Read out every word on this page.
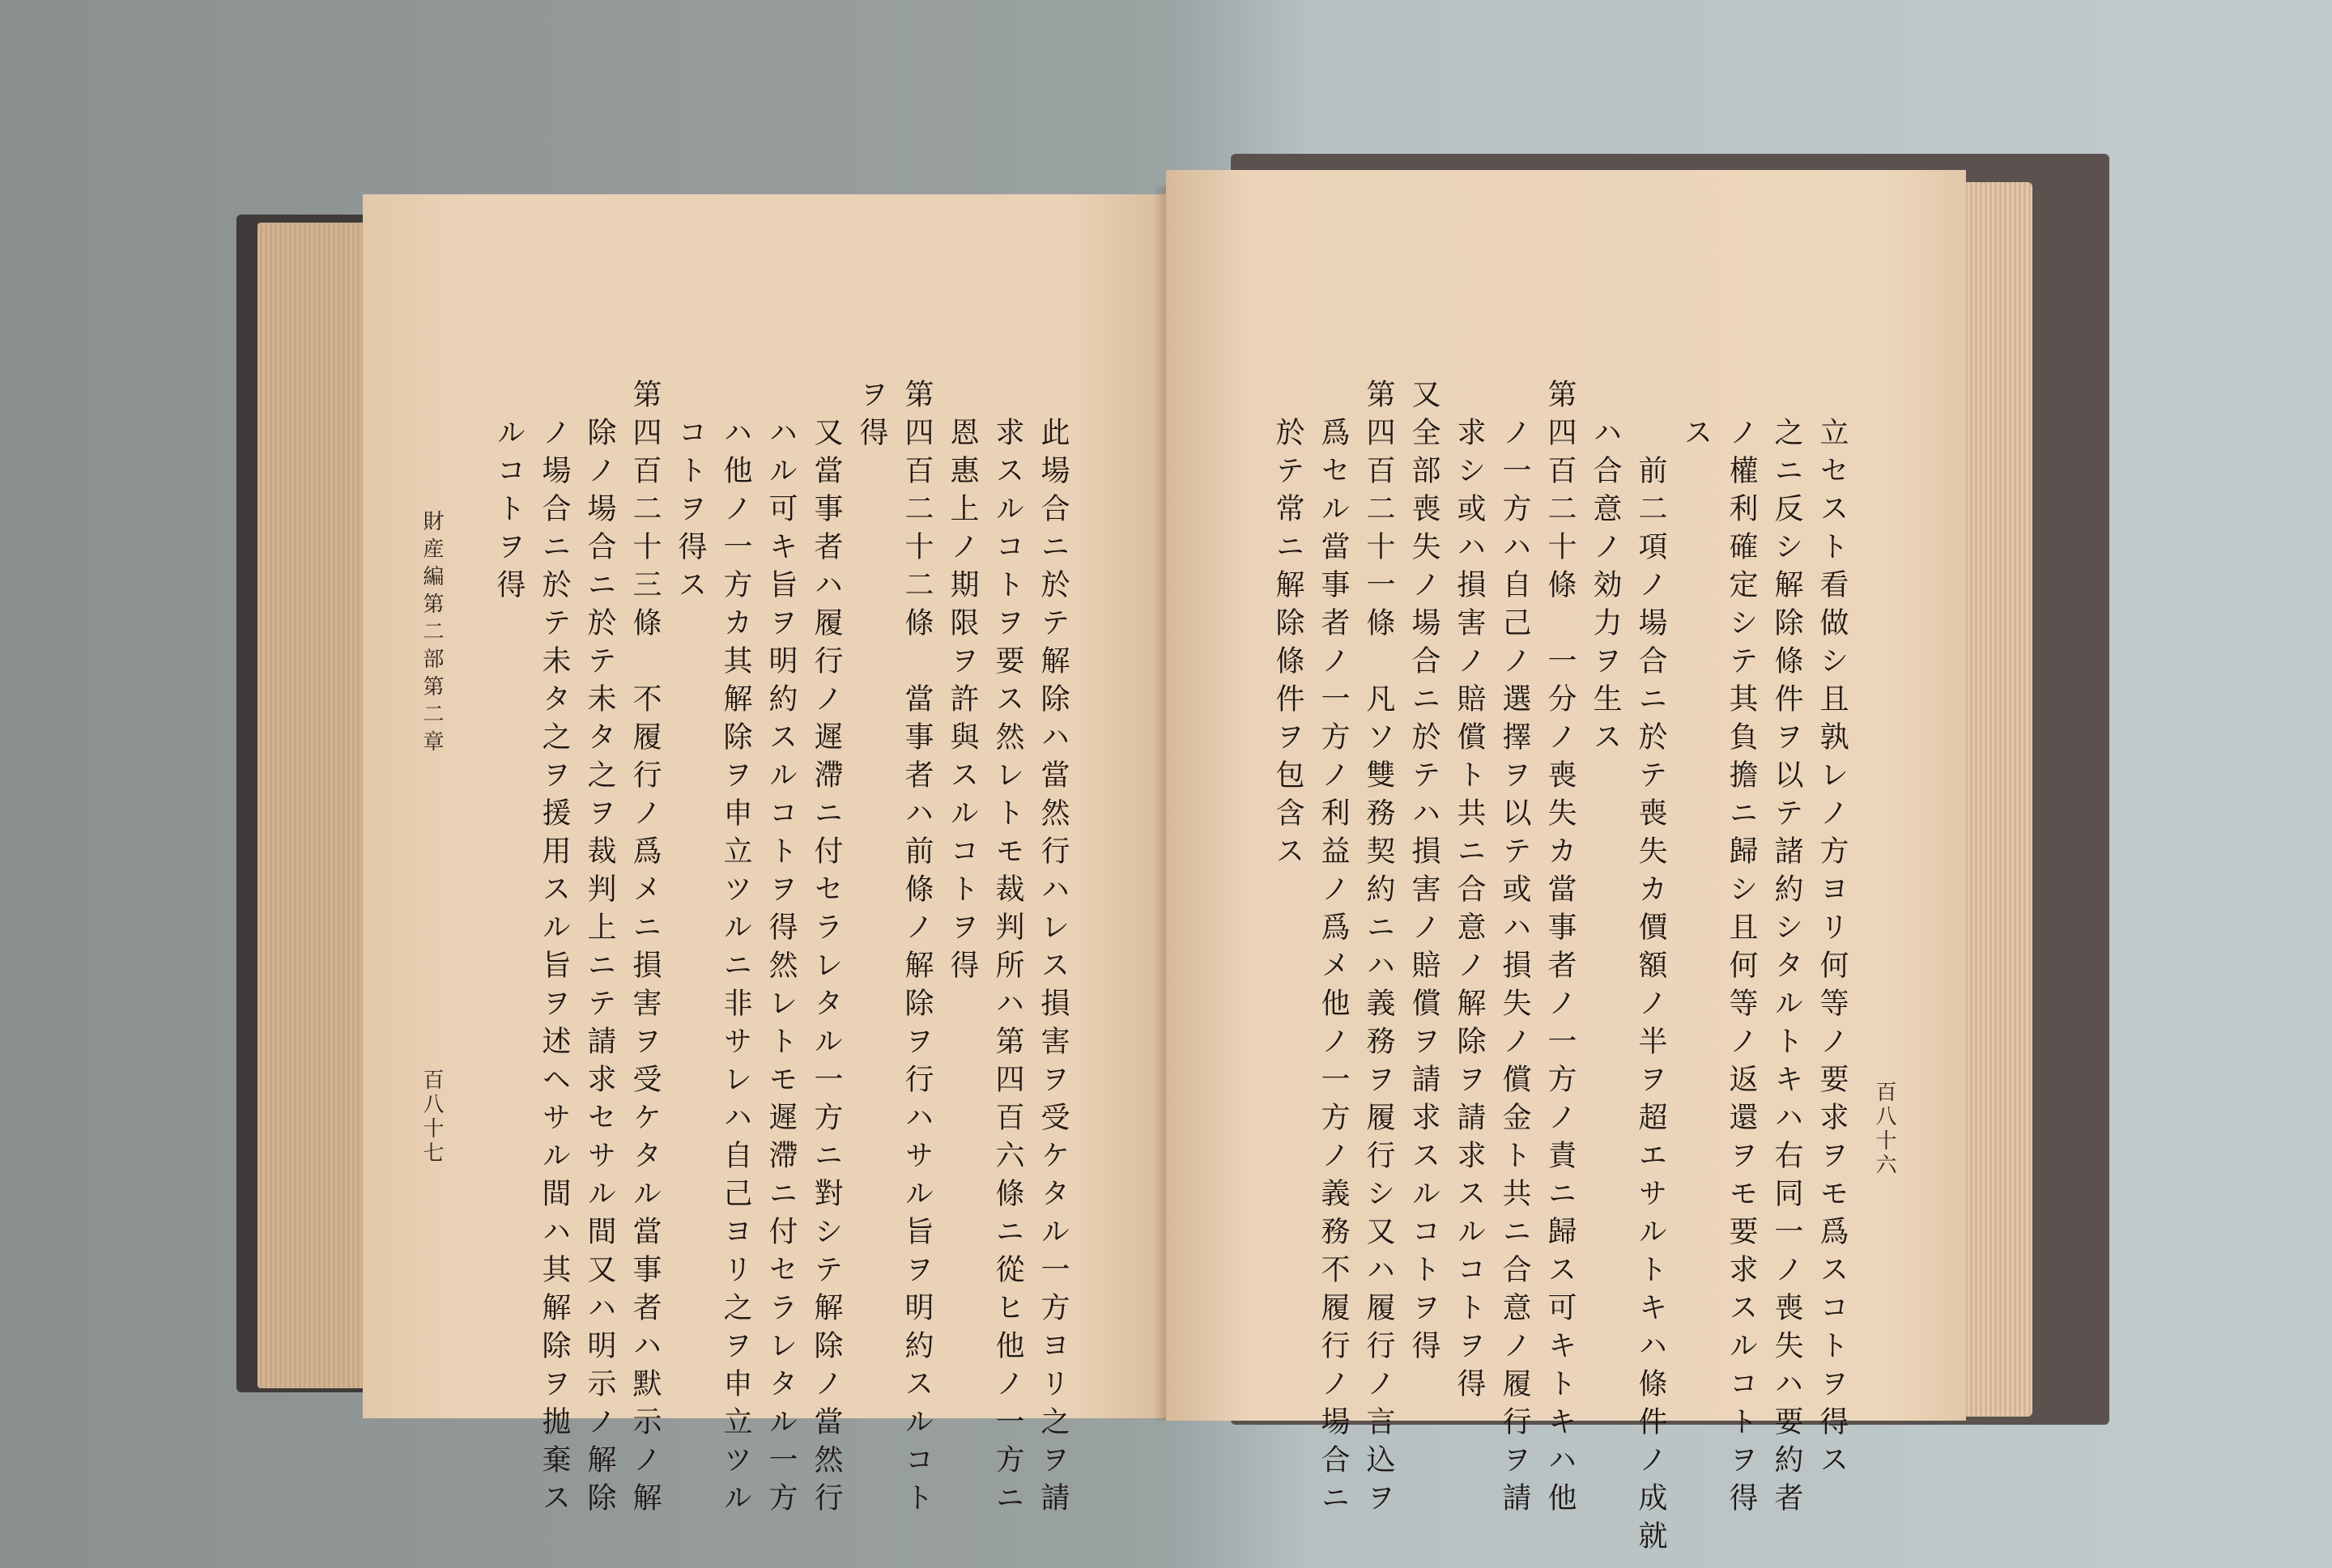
此場合ニ於テ解除ハ當然行ハレス損害ヲ受ケタル一方ヨリ之ヲ請
求スルコトヲ要ス然レトモ裁判所ハ第四百六條ニ從ヒ他ノ一方ニ
恩惠上ノ期限ヲ許與スルコトヲ得
第四百二十二條　當事者ハ前條ノ解除ヲ行ハサル旨ヲ明約スルコト
ヲ得
又當事者ハ履行ノ遲滯ニ付セラレタル一方ニ對シテ解除ノ當然行
ハル可キ旨ヲ明約スルコトヲ得然レトモ遲滯ニ付セラレタル一方
ハ他ノ一方カ其解除ヲ申立ツルニ非サレハ自己ヨリ之ヲ申立ツル
コトヲ得ス
第四百二十三條　不履行ノ爲メニ損害ヲ受ケタル當事者ハ默示ノ解
除ノ場合ニ於テ未タ之ヲ裁判上ニテ請求セサル間又ハ明示ノ解除
ノ場合ニ於テ未タ之ヲ援用スル旨ヲ述ヘサル間ハ其解除ヲ拋棄ス
ルコトヲ得
財産編第二部第二章
百八十七	百八十六
立セスト看做シ且孰レノ方ヨリ何等ノ要求ヲモ爲スコトヲ得ス
之ニ反シ解除條件ヲ以テ諸約シタルトキハ右同一ノ喪失ハ要約者
ノ權利確定シテ其負擔ニ歸シ且何等ノ返還ヲモ要求スルコトヲ得
ス
前二項ノ場合ニ於テ喪失カ價額ノ半ヲ超エサルトキハ條件ノ成就
ハ合意ノ効力ヲ生ス
第四百二十條　一分ノ喪失カ當事者ノ一方ノ責ニ歸ス可キトキハ他
ノ一方ハ自己ノ選擇ヲ以テ或ハ損失ノ償金ト共ニ合意ノ履行ヲ請
求シ或ハ損害ノ賠償ト共ニ合意ノ解除ヲ請求スルコトヲ得
又全部喪失ノ場合ニ於テハ損害ノ賠償ヲ請求スルコトヲ得
第四百二十一條　凡ソ雙務契約ニハ義務ヲ履行シ又ハ履行ノ言込ヲ
爲セル當事者ノ一方ノ利益ノ爲メ他ノ一方ノ義務不履行ノ場合ニ
於テ常ニ解除條件ヲ包含ス
